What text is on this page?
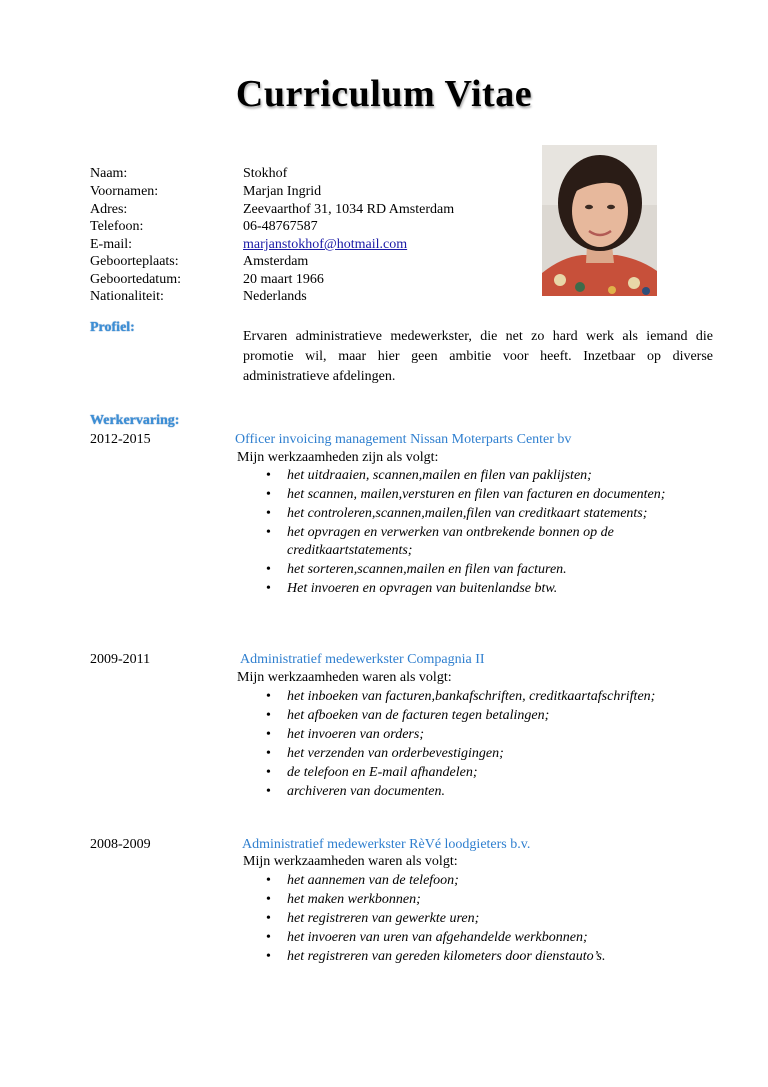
Curriculum Vitae
Naam:	Stokhof
Voornamen:	Marjan Ingrid
Adres:	Zeevaarthof 31, 1034 RD Amsterdam
Telefoon:	06-48767587
E-mail:	marjanstokhof@hotmail.com
Geboorteplaats:	Amsterdam
Geboortedatum:	20 maart 1966
Nationaliteit:	Nederlands
Profiel:
Ervaren administratieve medewerkster, die net zo hard werk als iemand die promotie wil, maar hier geen ambitie voor heeft. Inzetbaar op diverse administratieve afdelingen.
Werkervaring:
2012-2015	Officer invoicing management Nissan Moterparts Center bv
Mijn werkzaamheden zijn als volgt:
• het uitdraaien, scannen,mailen en filen van paklijsten;
• het scannen, mailen,versturen en filen van facturen en documenten;
• het controleren,scannen,mailen,filen van creditkaart statements;
• het opvragen en verwerken van ontbrekende bonnen op de creditkaartstatements;
• het sorteren,scannen,mailen en filen van facturen.
• Het invoeren en opvragen van buitenlandse btw.
2009-2011	Administratief medewerkster Compagnia II
Mijn werkzaamheden waren als volgt:
• het inboeken van facturen,bankafschriften, creditkaartafschriften;
• het afboeken van de facturen tegen betalingen;
• het invoeren van orders;
• het verzenden van orderbevestigingen;
• de telefoon en E-mail afhandelen;
• archiveren van documenten.
2008-2009	Administratief medewerkster RèVé loodgieters b.v.
Mijn werkzaamheden waren als volgt:
• het aannemen van de telefoon;
• het maken werkbonnen;
• het registreren van gewerkte uren;
• het invoeren van uren van afgehandelde werkbonnen;
• het registreren van gereden kilometers door dienstauto’s.
